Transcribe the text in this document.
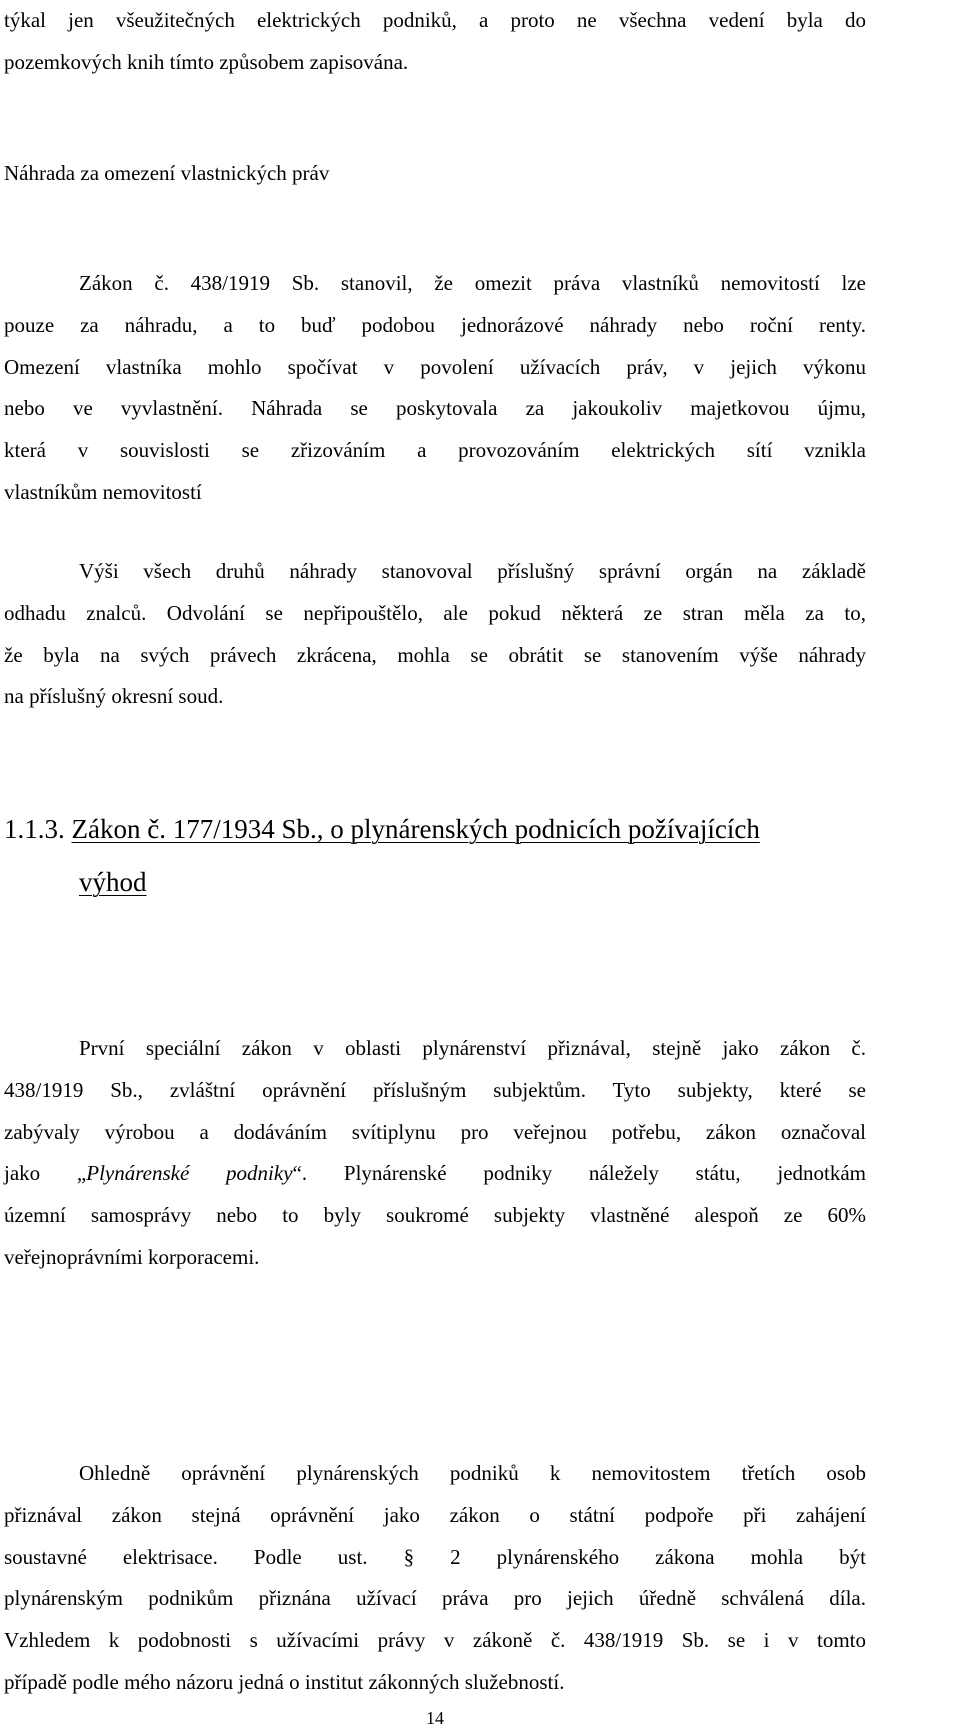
týkal jen všeužitečných elektrických podniků, a proto ne všechna vedení byla do
pozemkových knih tímto způsobem zapisována.

Náhrada za omezení vlastnických práv

Zákon č. 438/1919 Sb. stanovil, že omezit práva vlastníků nemovitostí lze
pouze za náhradu, a to buď podobou jednorázové náhrady nebo roční renty.
Omezení vlastníka mohlo spočívat v povolení užívacích práv, v jejich výkonu
nebo ve vyvlastnění. Náhrada se poskytovala za jakoukoliv majetkovou újmu,
která v souvislosti se zřizováním a provozováním elektrických sítí vznikla
vlastníkům nemovitostí

Výši všech druhů náhrady stanovoval příslušný správní orgán na základě
odhadu znalců. Odvolání se nepřipouštělo, ale pokud některá ze stran měla za to,
že byla na svých právech zkrácena, mohla se obrátit se stanovením výše náhrady
na příslušný okresní soud.

1.1.3. Zákon č. 177/1934 Sb., o plynárenských podnicích požívajících
výhod

První speciální zákon v oblasti plynárenství přiznával, stejně jako zákon č.
438/1919 Sb., zvláštní oprávnění příslušným subjektům. Tyto subjekty, které se
zabývaly výrobou a dodáváním svítiplynu pro veřejnou potřebu, zákon označoval
jako „Plynárenské podniky“. Plynárenské podniky náležely státu, jednotkám
územní samosprávy nebo to byly soukromé subjekty vlastněné alespoň ze 60%
veřejnoprávními korporacemi.

Ohledně oprávnění plynárenských podniků k nemovitostem třetích osob
přiznával zákon stejná oprávnění jako zákon o státní podpoře při zahájení
soustavné elektrisace. Podle ust. § 2 plynárenského zákona mohla být
plynárenským podnikům přiznána užívací práva pro jejich úředně schválená díla.
Vzhledem k podobnosti s užívacími právy v zákoně č. 438/1919 Sb. se i v tomto
případě podle mého názoru jedná o institut zákonných služebností.

14
